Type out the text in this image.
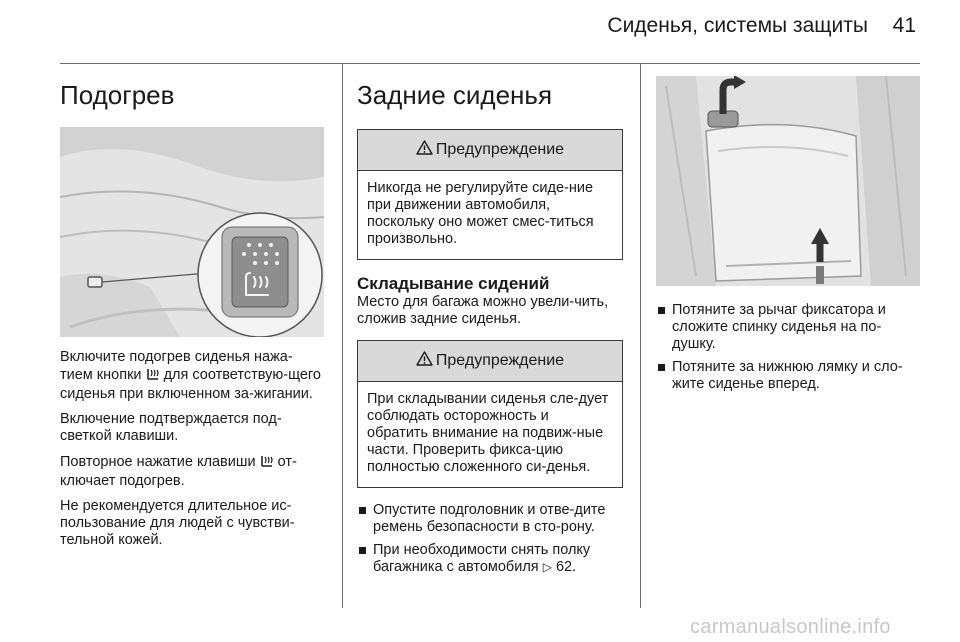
Сиденья, системы защиты 41
Подогрев

Включите подогрев сиденья нажа-тием кнопки  для соответствую-щего сиденья при включенном за-жигании.

Включение подтверждается под-светкой клавиши.

Повторное нажатие клавиши  от-ключает подогрев.

Не рекомендуется длительное ис-пользование для людей с чувстви-тельной кожей.

Задние сиденья
Предупреждение
Никогда не регулируйте сиде-ние при движении автомобиля, поскольку оно может смес-титься произвольно.
Складывание сидений

Место для багажа можно увели-чить, сложив задние сиденья.

Предупреждение
При складывании сиденья сле-дует соблюдать осторожность и обратить внимание на подвиж-ные части. Проверить фикса-цию полностью сложенного си-денья.
Опустите подголовник и отве-дите ремень безопасности в сто-рону.
При необходимости снять полку багажника с автомобиля ▷ 62.
Потяните за рычаг фиксатора и сложите спинку сиденья на по-душку.
Потяните за нижнюю лямку и сло-жите сиденье вперед.
carmanualsonline.info
